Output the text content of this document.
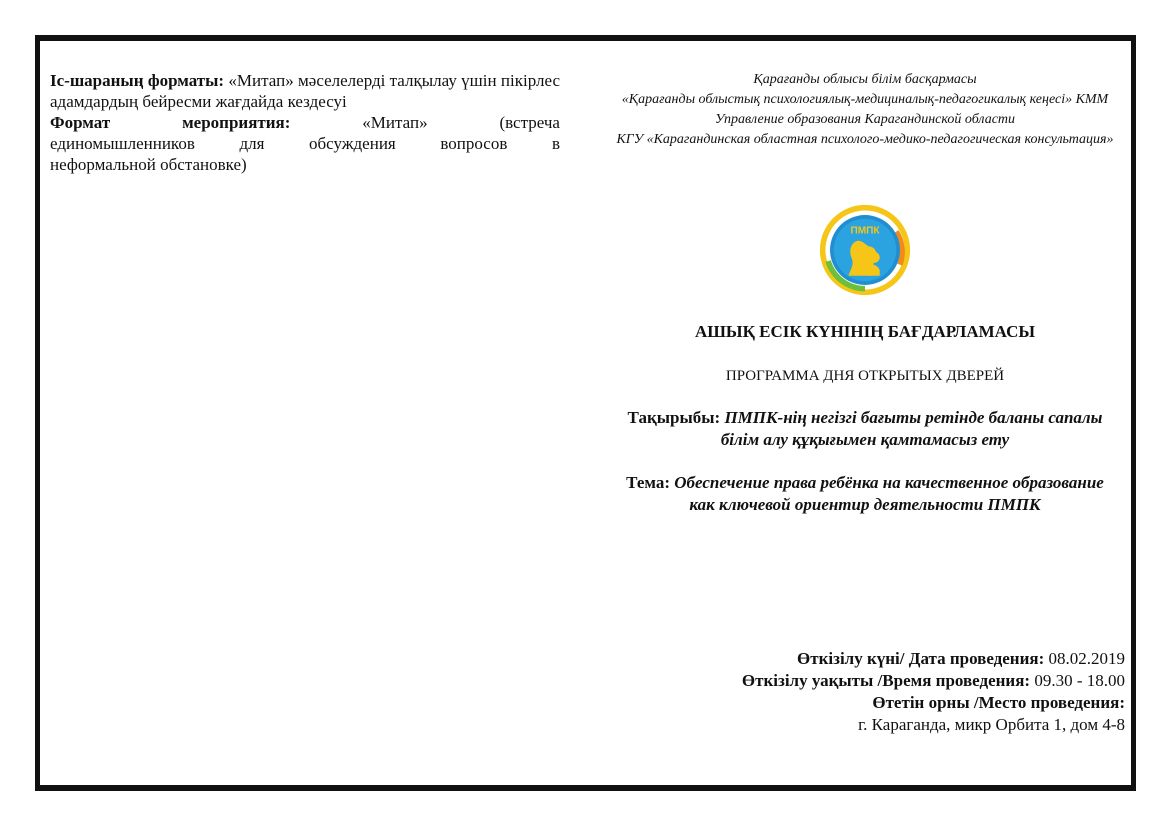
Іс-шараның форматы: «Митап» мәселелерді талқылау үшін пікірлес адамдардың бейресми жағдайда кездесуі

Формат	мероприятия:	«Митап»	(встреча

единомышленников для обсуждения вопросов в

неформальной обстановке)

Қарағанды облысы білім басқармасы
«Қарағанды облыстық психологиялық-медициналық-педагогикалық кеңесі» КММ
Управление образования Карагандинской области
КГУ «Карагандинская областная психолого-медико-педагогическая консультация»
ПМПК
АШЫҚ ЕСІК КҮНІНІҢ БАҒДАРЛАМАСЫ
ПРОГРАММА ДНЯ ОТКРЫТЫХ ДВЕРЕЙ
Тақырыбы: ПМПК-нің негізгі бағыты ретінде баланы сапалы білім алу құқығымен қамтамасыз ету
Тема: Обеспечение права ребёнка на качественное образование как ключевой ориентир деятельности ПМПК
Өткізілу күні/ Дата проведения: 08.02.2019
Өткізілу уақыты /Время проведения: 09.30 - 18.00
Өтетін орны /Место проведения:
г. Караганда, микр Орбита 1, дом 4-8
